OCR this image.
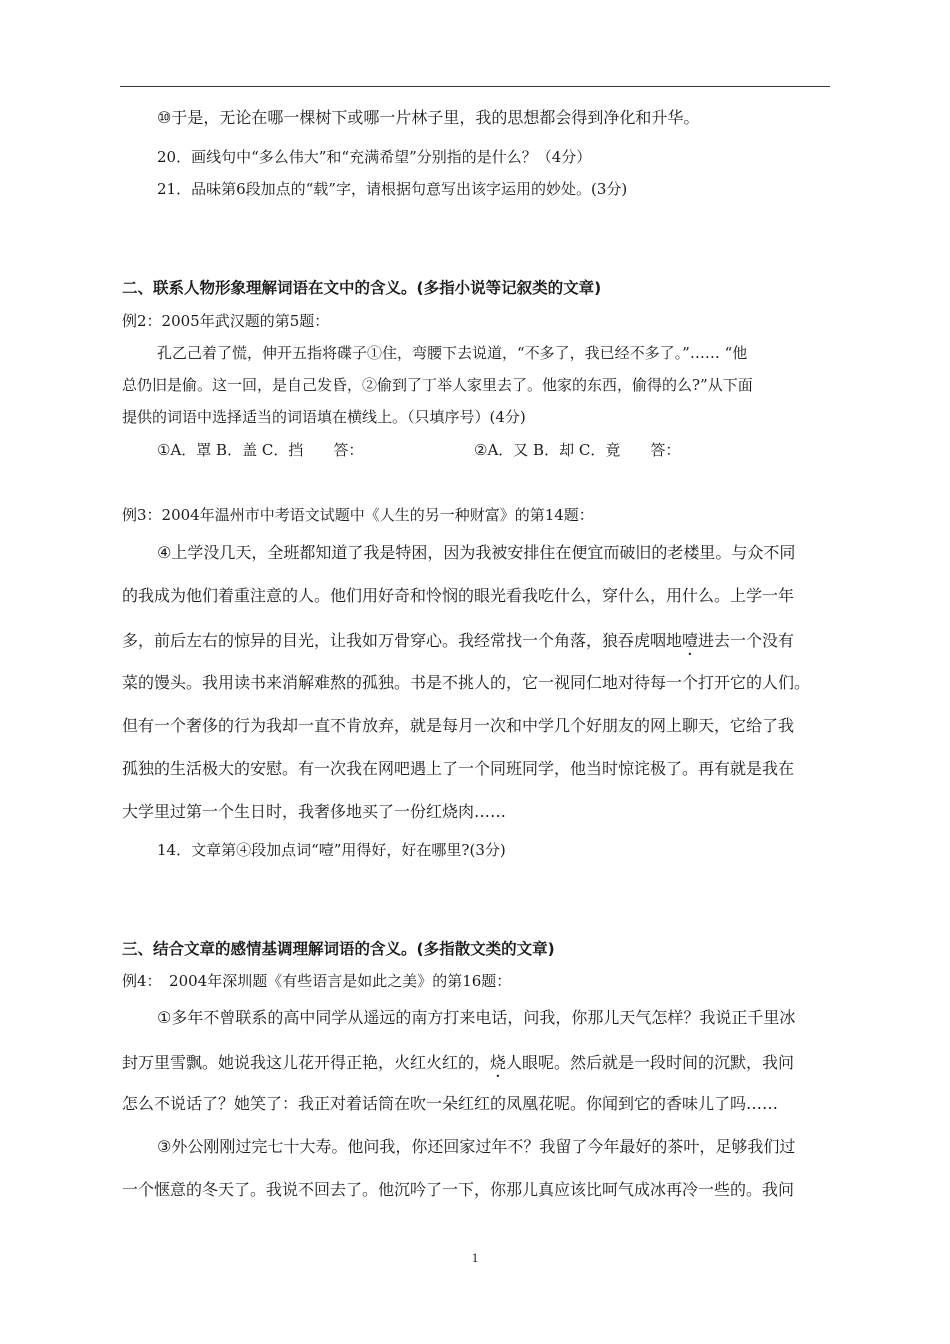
⑩于是，无论在哪一棵树下或哪一片林子里，我的思想都会得到净化和升华。
20．画线句中“多么伟大”和“充满希望”分别指的是什么？（4分）
21．品味第6段加点的“载”字，请根据句意写出该字运用的妙处。(3分)
二、联系人物形象理解词语在文中的含义。(多指小说等记叙类的文章)
例2：2005年武汉题的第5题：
孔乙己着了慌，伸开五指将碟子①住，弯腰下去说道，“不多了，我已经不多了。”…… “他
总仍旧是偷。这一回，是自己发昏，②偷到了丁举人家里去了。他家的东西，偷得的么?”从下面
提供的词语中选择适当的词语填在横线上。（只填序号）(4分)
①A．罩 B．盖 C．挡　　答：	②A．又 B．却 C．竟　　答：
例3：2004年温州市中考语文试题中《人生的另一种财富》的第14题：
④上学没几天，全班都知道了我是特困，因为我被安排住在便宜而破旧的老楼里。与众不同
的我成为他们着重注意的人。他们用好奇和怜悯的眼光看我吃什么，穿什么，用什么。上学一年
多，前后左右的惊异的目光，让我如万骨穿心。我经常找一个角落，狼吞虎咽地噎进去一个没有
菜的馒头。我用读书来消解难熬的孤独。书是不挑人的，它一视同仁地对待每一个打开它的人们。
但有一个奢侈的行为我却一直不肯放弃，就是每月一次和中学几个好朋友的网上聊天，它给了我
孤独的生活极大的安慰。有一次我在网吧遇上了一个同班同学，他当时惊诧极了。再有就是我在
大学里过第一个生日时，我奢侈地买了一份红烧肉……
14．文章第④段加点词“噎”用得好，好在哪里?(3分)
三、结合文章的感情基调理解词语的含义。(多指散文类的文章)
例4：　2004年深圳题《有些语言是如此之美》的第16题：
①多年不曾联系的高中同学从遥远的南方打来电话，问我，你那儿天气怎样？我说正千里冰
封万里雪飘。她说我这儿花开得正艳，火红火红的，烧人眼呢。然后就是一段时间的沉默，我问
怎么不说话了？她笑了：我正对着话筒在吹一朵红红的凤凰花呢。你闻到它的香味儿了吗……
③外公刚刚过完七十大寿。他问我，你还回家过年不？我留了今年最好的茶叶，足够我们过
一个惬意的冬天了。我说不回去了。他沉吟了一下，你那儿真应该比呵气成冰再冷一些的。我问
1
